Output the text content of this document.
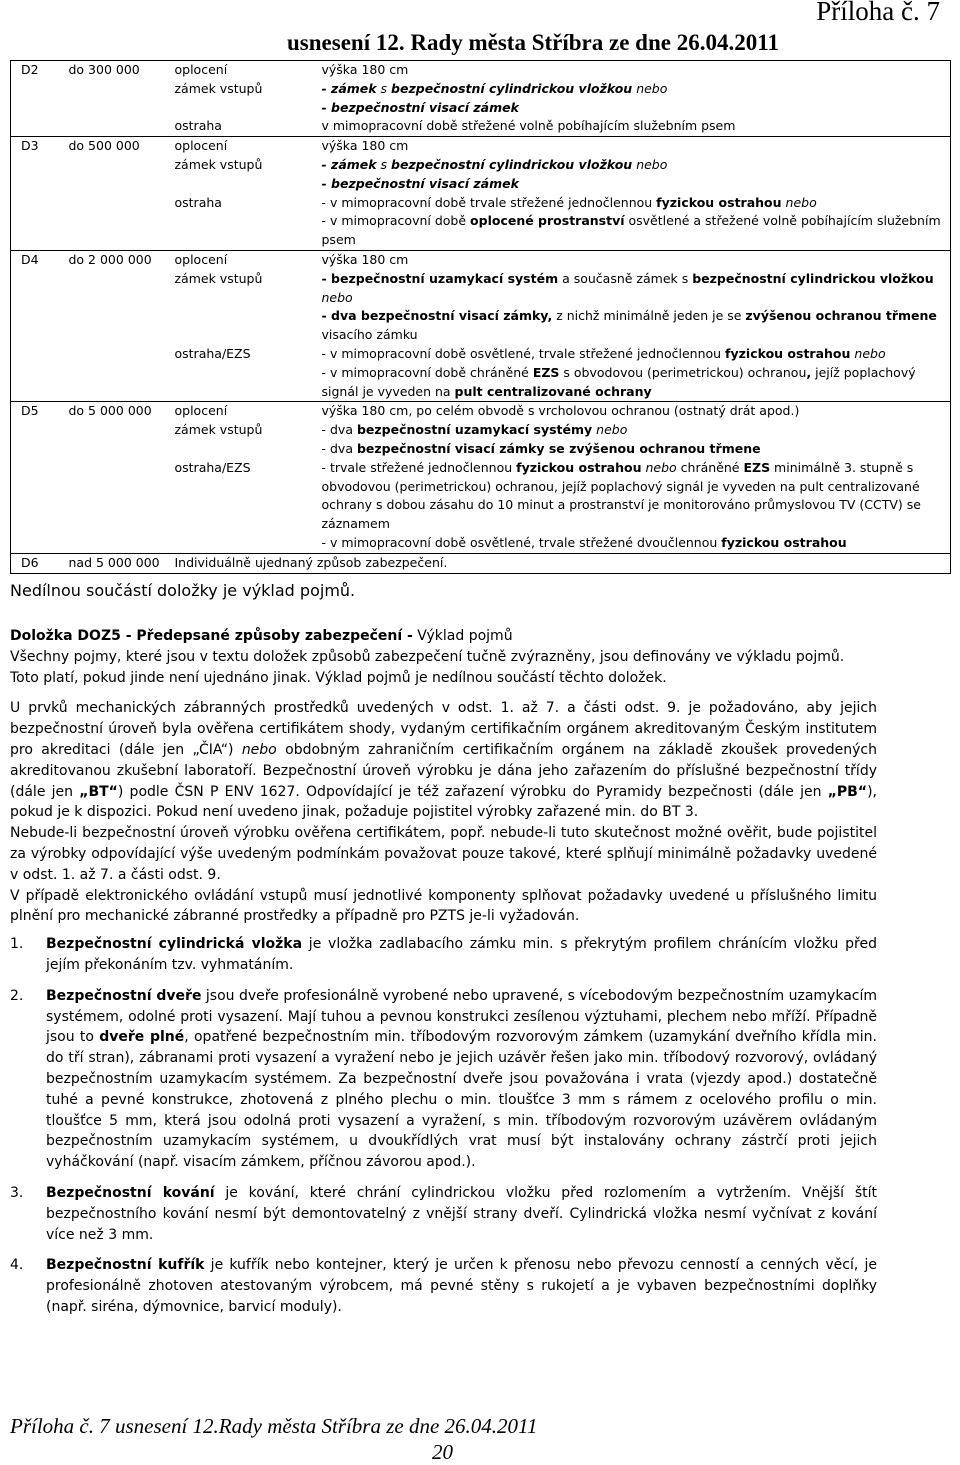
Příloha č. 7
usnesení 12. Rady města Stříbra ze dne 26.04.2011
D2	do 300 000	oplocení	výška 180 cm

		zámek vstupů	- zámek s bezpečnostní cylindrickou vložkou nebo
- bezpečnostní visací zámek

		ostraha	v mimopracovní době střežené volně pobíhajícím služebním psem

D3	do 500 000	oplocení	výška 180 cm

		zámek vstupů	- zámek s bezpečnostní cylindrickou vložkou nebo
- bezpečnostní visací zámek

		ostraha	- v mimopracovní době trvale střežené jednočlennou fyzickou ostrahou nebo
- v mimopracovní době oplocené prostranství osvětlené a střežené volně pobíhajícím služebním psem

D4	do 2 000 000	oplocení	výška 180 cm

		zámek vstupů	- bezpečnostní uzamykací systém a současně zámek s bezpečnostní cylindrickou vložkou nebo
- dva bezpečnostní visací zámky, z nichž minimálně jeden je se zvýšenou ochranou třmene visacího zámku

		ostraha/EZS	- v mimopracovní době osvětlené, trvale střežené jednočlennou fyzickou ostrahou nebo
- v mimopracovní době chráněné EZS s obvodovou (perimetrickou) ochranou, jejíž poplachový signál je vyveden na pult centralizované ochrany

D5	do 5 000 000	oplocení	výška 180 cm, po celém obvodě s vrcholovou ochranou (ostnatý drát apod.)

		zámek vstupů	- dva bezpečnostní uzamykací systémy nebo
- dva bezpečnostní visací zámky se zvýšenou ochranou třmene

		ostraha/EZS	- trvale střežené jednočlennou fyzickou ostrahou nebo chráněné EZS minimálně 3. stupně s obvodovou (perimetrickou) ochranou, jejíž poplachový signál je vyveden na pult centralizované ochrany s dobou zásahu do 10 minut a prostranství je monitorováno průmyslovou TV (CCTV) se záznamem
- v mimopracovní době osvětlené, trvale střežené dvoučlennou fyzickou ostrahou

D6	nad 5 000 000	Individuálně ujednaný způsob zabezpečení.	
Nedílnou součástí doložky je výklad pojmů.

Doložka DOZ5 - Předepsané způsoby zabezpečení - Výklad pojmů

Všechny pojmy, které jsou v textu doložek způsobů zabezpečení tučně zvýrazněny, jsou definovány ve výkladu pojmů.

Toto platí, pokud jinde není ujednáno jinak. Výklad pojmů je nedílnou součástí těchto doložek.

U prvků mechanických zábranných prostředků uvedených v odst. 1. až 7. a části odst. 9. je požadováno, aby jejich bezpečnostní úroveň byla ověřena certifikátem shody, vydaným certifikačním orgánem akreditovaným Českým institutem pro akreditaci (dále jen „ČIA“) nebo obdobným zahraničním certifikačním orgánem na základě zkoušek provedených akreditovanou zkušební laboratoří. Bezpečnostní úroveň výrobku je dána jeho zařazením do příslušné bezpečnostní třídy (dále jen „BT“) podle ČSN P ENV 1627. Odpovídající je též zařazení výrobku do Pyramidy bezpečnosti (dále jen „PB“), pokud je k dispozici. Pokud není uvedeno jinak, požaduje pojistitel výrobky zařazené min. do BT 3.

Nebude-li bezpečnostní úroveň výrobku ověřena certifikátem, popř. nebude-li tuto skutečnost možné ověřit, bude pojistitel za výrobky odpovídající výše uvedeným podmínkám považovat pouze takové, které splňují minimálně požadavky uvedené v odst. 1. až 7. a části odst. 9.

V případě elektronického ovládání vstupů musí jednotlivé komponenty splňovat požadavky uvedené u příslušného limitu plnění pro mechanické zábranné prostředky a případně pro PZTS je-li vyžadován.

1. Bezpečnostní cylindrická vložka je vložka zadlabacího zámku min. s překrytým profilem chránícím vložku před jejím překonáním tzv. vyhmatáním.
2. Bezpečnostní dveře jsou dveře profesionálně vyrobené nebo upravené, s vícebodovým bezpečnostním uzamykacím systémem, odolné proti vysazení. Mají tuhou a pevnou konstrukci zesílenou výztuhami, plechem nebo mříží. Případně jsou to dveře plné, opatřené bezpečnostním min. tříbodovým rozvorovým zámkem (uzamykání dveřního křídla min. do tří stran), zábranami proti vysazení a vyražení nebo je jejich uzávěr řešen jako min. tříbodový rozvorový, ovládaný bezpečnostním uzamykacím systémem. Za bezpečnostní dveře jsou považována i vrata (vjezdy apod.) dostatečně tuhé a pevné konstrukce, zhotovená z plného plechu o min. tloušťce 3 mm s rámem z ocelového profilu o min. tloušťce 5 mm, která jsou odolná proti vysazení a vyražení, s min. tříbodovým rozvorovým uzávěrem ovládaným bezpečnostním uzamykacím systémem, u dvoukřídlých vrat musí být instalovány ochrany zástrčí proti jejich vyháčkování (např. visacím zámkem, příčnou závorou apod.).
3. Bezpečnostní kování je kování, které chrání cylindrickou vložku před rozlomením a vytržením. Vnější štít bezpečnostního kování nesmí být demontovatelný z vnější strany dveří. Cylindrická vložka nesmí vyčnívat z kování více než 3 mm.
4. Bezpečnostní kufřík je kufřík nebo kontejner, který je určen k přenosu nebo převozu cenností a cenných věcí, je profesionálně zhotoven atestovaným výrobcem, má pevné stěny s rukojetí a je vybaven bezpečnostními doplňky (např. siréna, dýmovnice, barvicí moduly).
Příloha č. 7 usnesení 12.Rady města Stříbra ze dne 26.04.2011
20
